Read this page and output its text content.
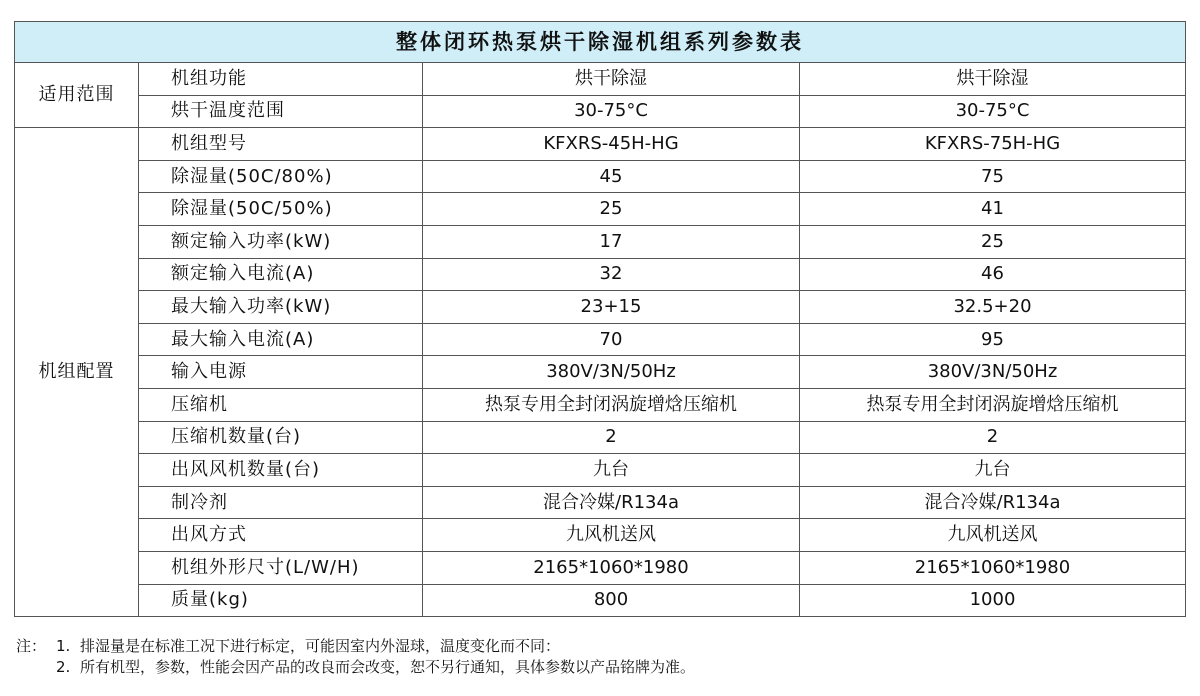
整体闭环热泵烘干除湿机组系列参数表			
适用范围	机组功能	烘干除湿	烘干除湿
	烘干温度范围	30-75°C	30-75°C
机组配置	机组型号	KFXRS-45H-HG	KFXRS-75H-HG
	除湿量(50C/80%)	45	75
	除湿量(50C/50%)	25	41
	额定输入功率(kW)	17	25
	额定输入电流(A)	32	46
	最大输入功率(kW)	23+15	32.5+20
	最大输入电流(A)	70	95
	输入电源	380V/3N/50Hz	380V/3N/50Hz
	压缩机	热泵专用全封闭涡旋增焓压缩机	热泵专用全封闭涡旋增焓压缩机
	压缩机数量(台)	2	2
	出风风机数量(台)	九台	九台
	制冷剂	混合冷媒/R134a	混合冷媒/R134a
	出风方式	九风机送风	九风机送风
	机组外形尺寸(L/W/H)	2165*1060*1980	2165*1060*1980
	质量(kg)	800	1000
注： 1. 排湿量是在标准工况下进行标定，可能因室内外湿球，温度变化而不同：
2. 所有机型，参数，性能会因产品的改良而会改变，恕不另行通知，具体参数以产品铭牌为准。
